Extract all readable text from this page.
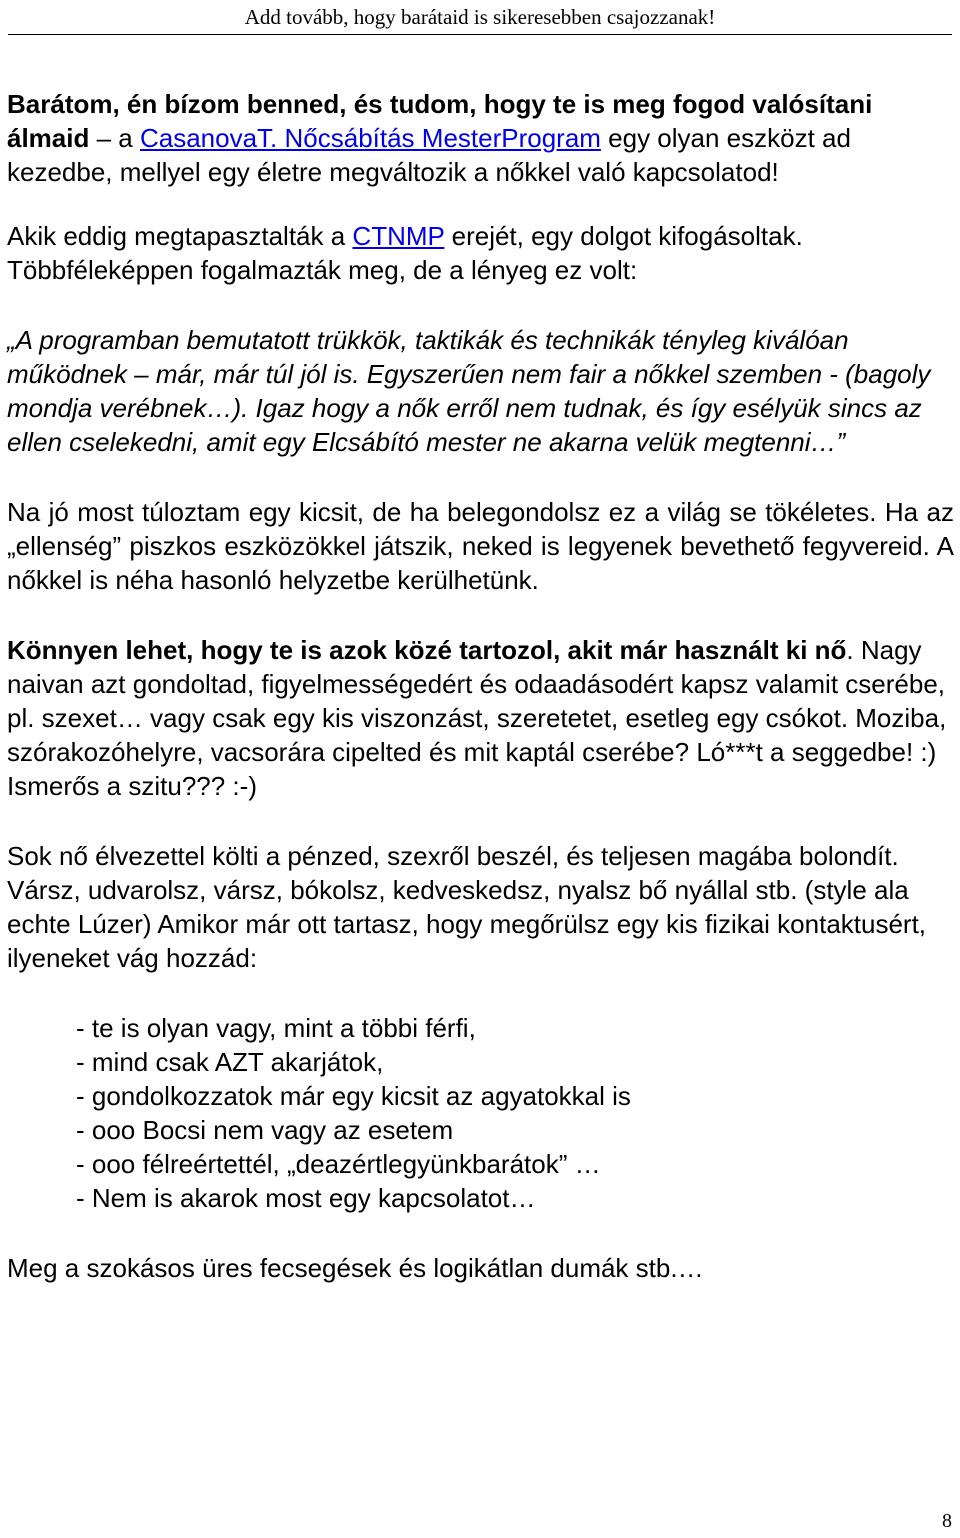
Add tovább, hogy barátaid is sikeresebben csajozzanak!

Barátom, én bízom benned, és tudom, hogy te is meg fogod valósítani álmaid – a CasanovaT. Nőcsábítás MesterProgram egy olyan eszközt ad kezedbe, mellyel egy életre megváltozik a nőkkel való kapcsolatod!

Akik eddig megtapasztalták a CTNMP erejét, egy dolgot kifogásoltak. Többféleképpen fogalmazták meg, de a lényeg ez volt:

„A programban bemutatott trükkök, taktikák és technikák tényleg kiválóan működnek – már, már túl jól is. Egyszerűen nem fair a nőkkel szemben - (bagoly mondja verébnek…). Igaz hogy a nők erről nem tudnak, és így esélyük sincs az ellen cselekedni, amit egy Elcsábító mester ne akarna velük megtenni…”

Na jó most túloztam egy kicsit, de ha belegondolsz ez a világ se tökéletes. Ha az „ellenség” piszkos eszközökkel játszik, neked is legyenek bevethető fegyvereid. A nőkkel is néha hasonló helyzetbe kerülhetünk.

Könnyen lehet, hogy te is azok közé tartozol, akit már használt ki nő. Nagy naivan azt gondoltad, figyelmességedért és odaadásodért kapsz valamit cserébe, pl. szexet… vagy csak egy kis viszonzást, szeretetet, esetleg egy csókot. Moziba, szórakozóhelyre, vacsorára cipelted és mit kaptál cserébe? Ló***t a seggedbe! :) Ismerős a szitu??? :-)

Sok nő élvezettel költi a pénzed, szexről beszél, és teljesen magába bolondít. Vársz, udvarolsz, vársz, bókolsz, kedveskedsz, nyalsz bő nyállal stb. (style ala echte Lúzer) Amikor már ott tartasz, hogy megőrülsz egy kis fizikai kontaktusért, ilyeneket vág hozzád:

- te is olyan vagy, mint a többi férfi,
- mind csak AZT akarjátok,
- gondolkozzatok már egy kicsit az agyatokkal is
- ooo Bocsi nem vagy az esetem
- ooo félreértettél, „deazértlegyünkbarátok” …
- Nem is akarok most egy kapcsolatot…

Meg a szokásos üres fecsegések és logikátlan dumák stb.…

8
